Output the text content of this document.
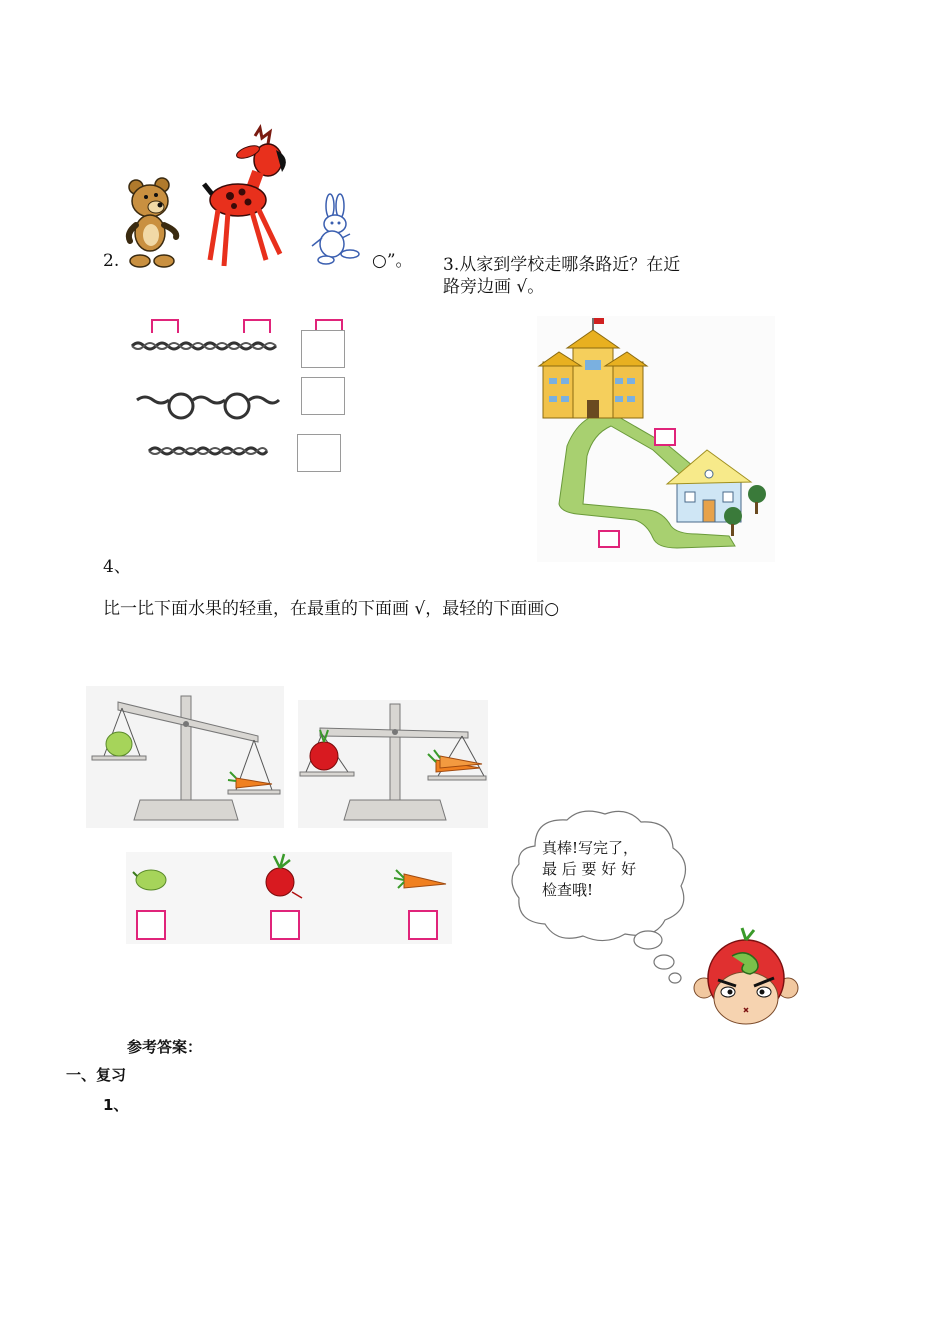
2.	○”。 3.从家到学校走哪条路近？在近
路旁边画 √。
4、
比一比下面水果的轻重，在最重的下面画 √，最轻的下面画○
真棒!写完了，
最 后 要 好 好
检查哦!
参考答案：
一、复习
1、
